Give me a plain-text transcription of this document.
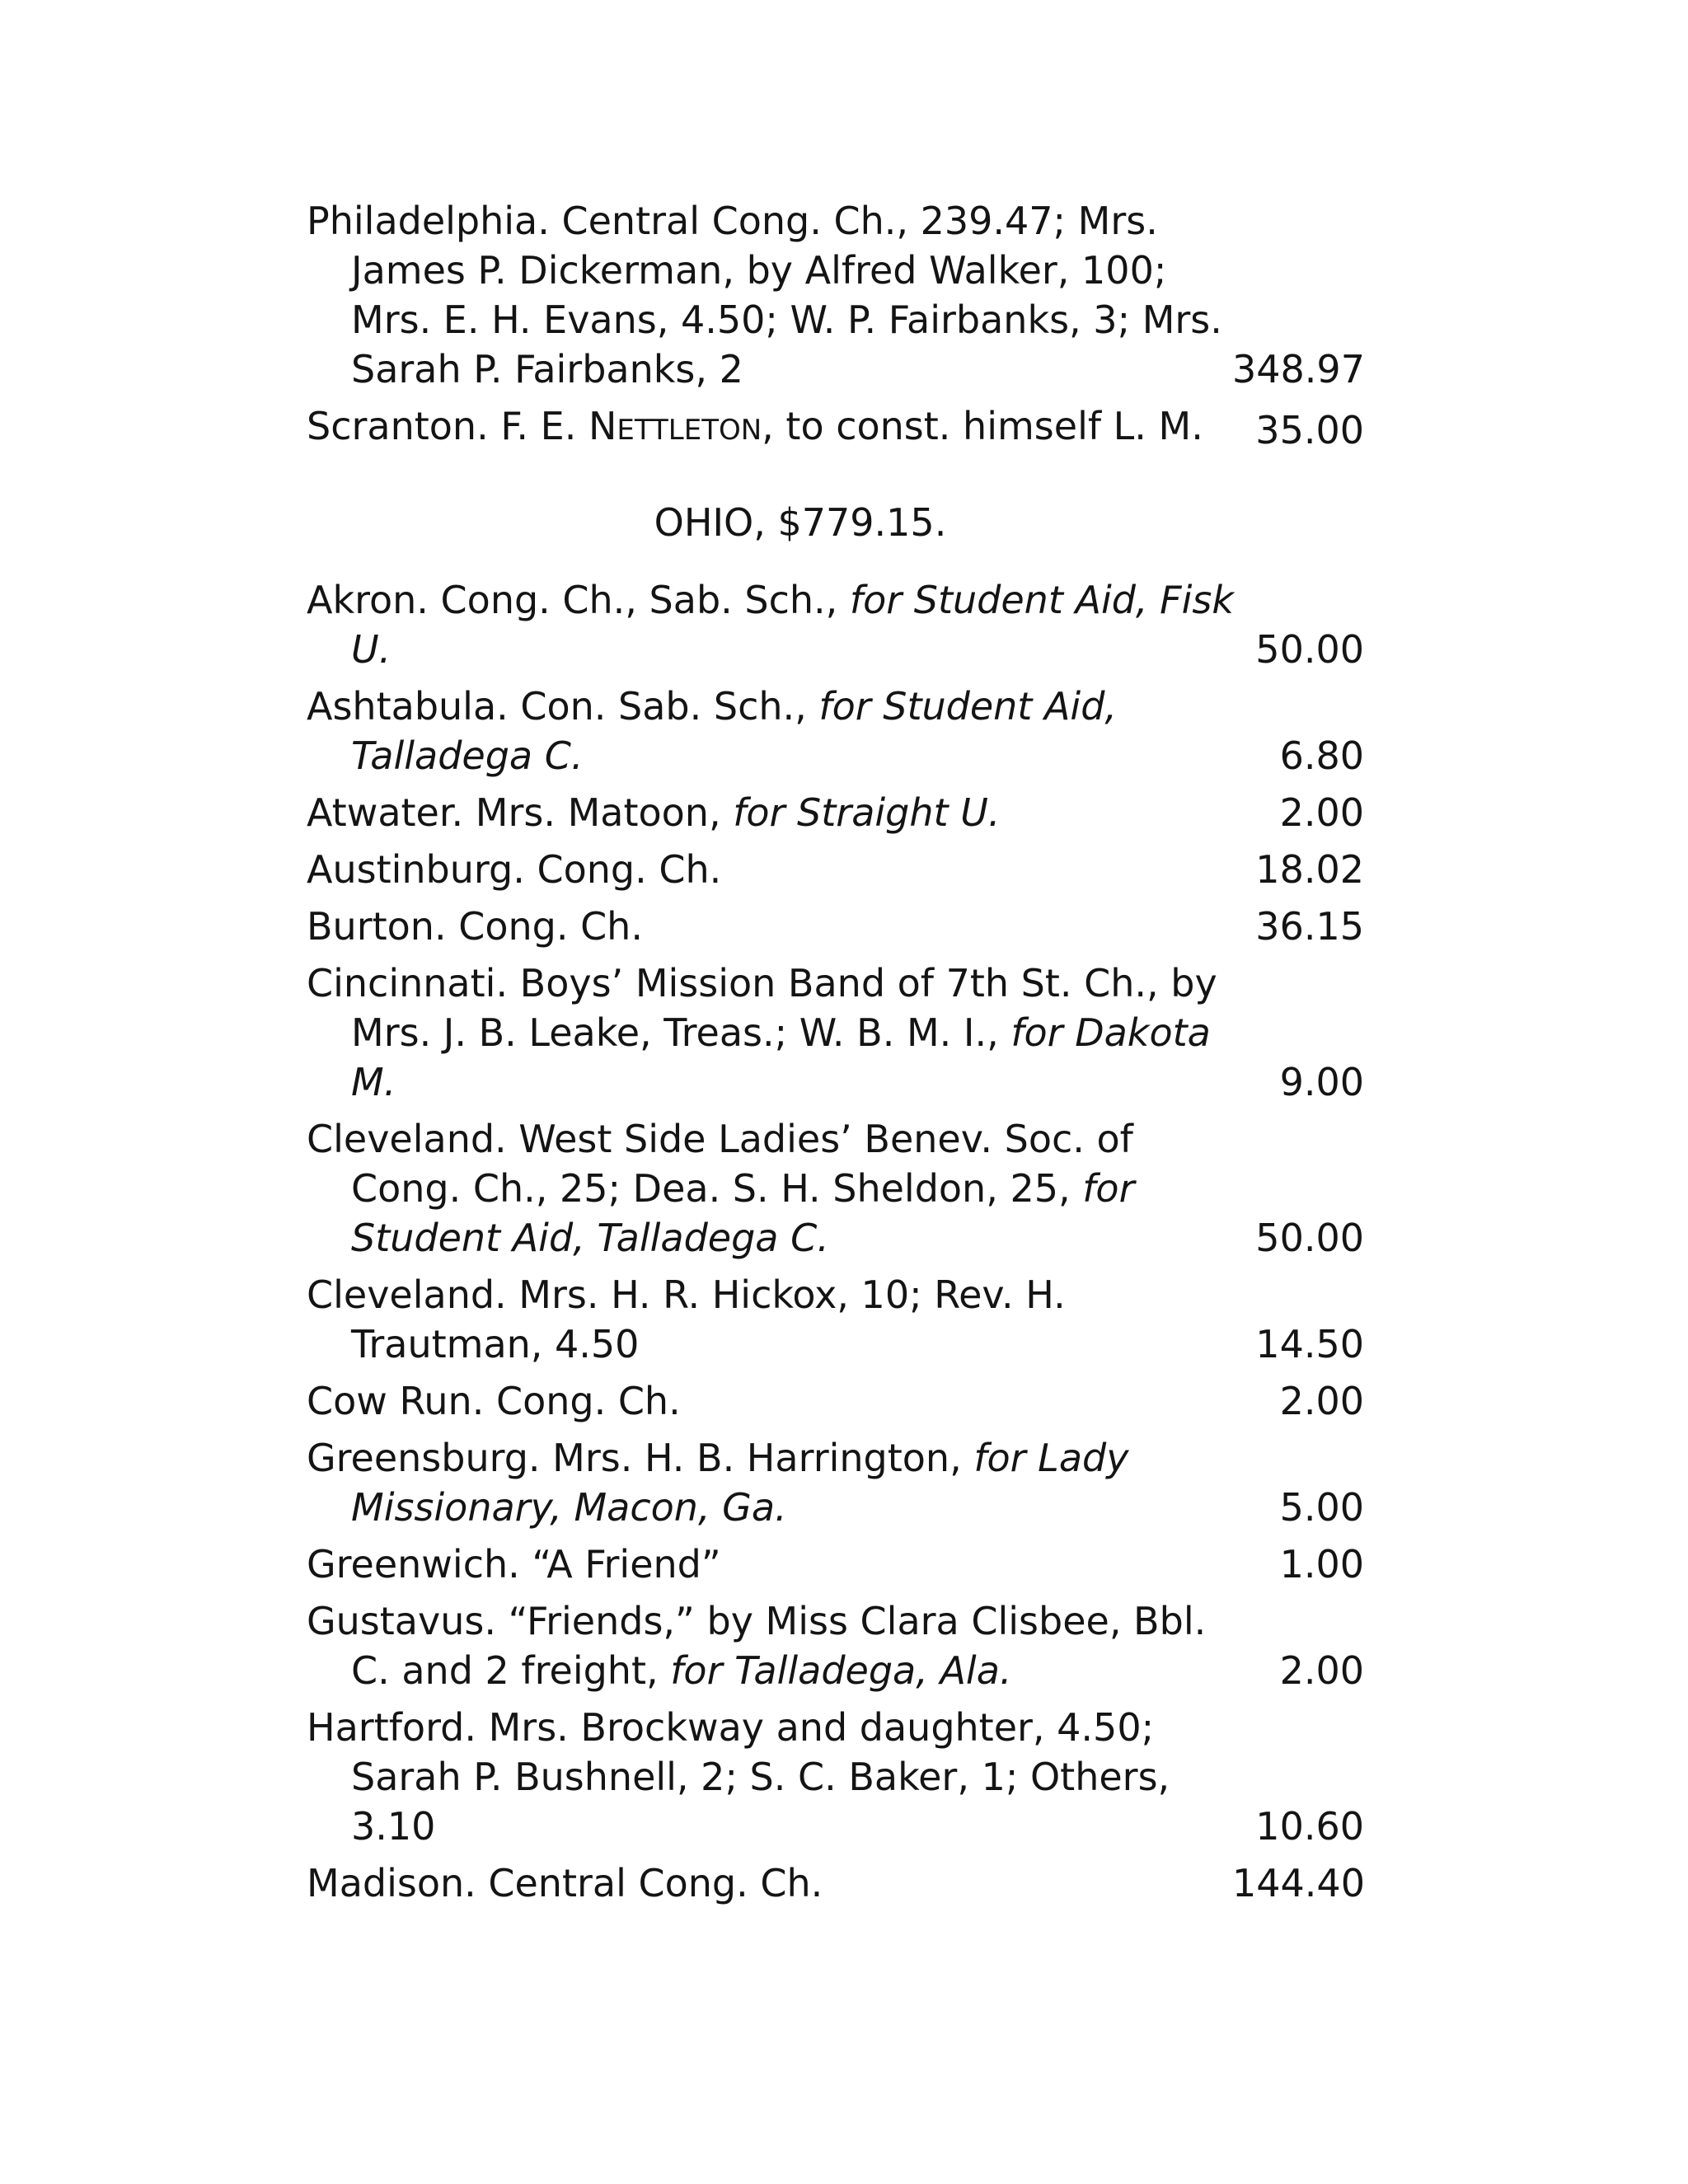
Philadelphia. Central Cong. Ch., 239.47; Mrs. James P. Dickerman, by Alfred Walker, 100; Mrs. E. H. Evans, 4.50; W. P. Fairbanks, 3; Mrs. Sarah P. Fairbanks, 2	348.97
Scranton. F. E. NETTLETON, to const. himself L. M.	35.00
OHIO, $779.15.
Akron. Cong. Ch., Sab. Sch., for Student Aid, Fisk U.	50.00
Ashtabula. Con. Sab. Sch., for Student Aid, Talladega C.	6.80
Atwater. Mrs. Matoon, for Straight U.	2.00
Austinburg. Cong. Ch.	18.02
Burton. Cong. Ch.	36.15
Cincinnati. Boys’ Mission Band of 7th St. Ch., by Mrs. J. B. Leake, Treas.; W. B. M. I., for Dakota M.	9.00
Cleveland. West Side Ladies’ Benev. Soc. of Cong. Ch., 25; Dea. S. H. Sheldon, 25, for Student Aid, Talladega C.	50.00
Cleveland. Mrs. H. R. Hickox, 10; Rev. H. Trautman, 4.50	14.50
Cow Run. Cong. Ch.	2.00
Greensburg. Mrs. H. B. Harrington, for Lady Missionary, Macon, Ga.	5.00
Greenwich. “A Friend”	1.00
Gustavus. “Friends,” by Miss Clara Clisbee, Bbl. C. and 2 freight, for Talladega, Ala.	2.00
Hartford. Mrs. Brockway and daughter, 4.50; Sarah P. Bushnell, 2; S. C. Baker, 1; Others, 3.10	10.60
Madison. Central Cong. Ch.	144.40
